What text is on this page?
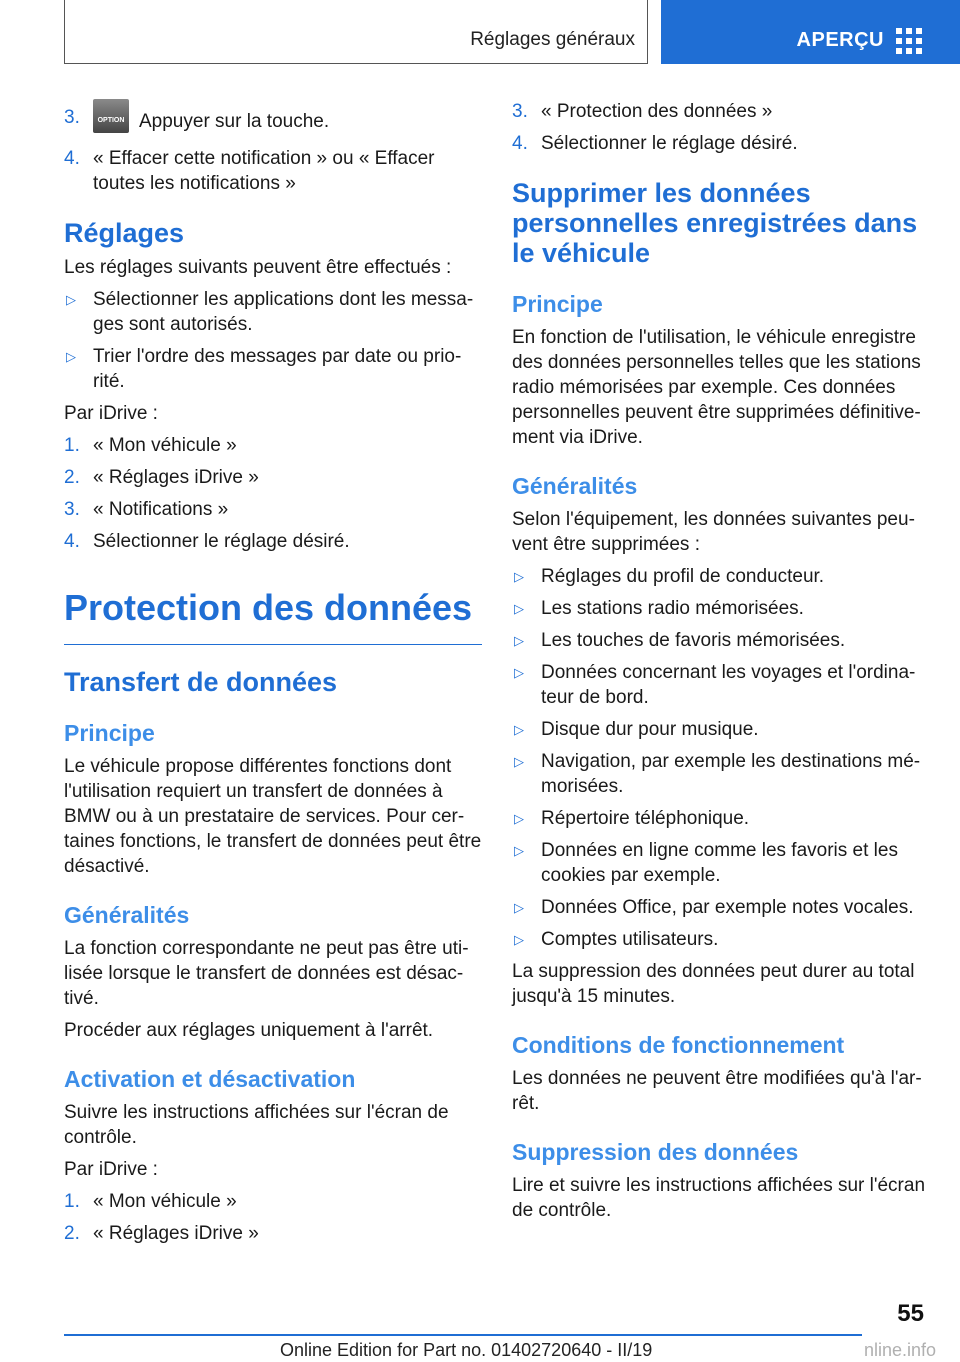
Réglages généraux	APERÇU
3.	OPTION Appuyer sur la touche.
4. « Effacer cette notification » ou « Effacer toutes les notifications »
Réglages

Les réglages suivants peuvent être effectués :

▷ Sélectionner les applications dont les messa‐ges sont autorisés.
▷ Trier l'ordre des messages par date ou prio‐rité.

Par iDrive :

1. « Mon véhicule »
2. « Réglages iDrive »
3. « Notifications »
4. Sélectionner le réglage désiré.
Protection des données
Transfert de données
Principe

Le véhicule propose différentes fonctions dont l'utilisation requiert un transfert de données à BMW ou à un prestataire de services. Pour cer‐taines fonctions, le transfert de données peut être désactivé.

Généralités

La fonction correspondante ne peut pas être uti‐lisée lorsque le transfert de données est désac‐tivé.

Procéder aux réglages uniquement à l'arrêt.

Activation et désactivation

Suivre les instructions affichées sur l'écran de contrôle.

Par iDrive :

1. « Mon véhicule »
2. « Réglages iDrive »
3. « Protection des données »
4. Sélectionner le réglage désiré.
Supprimer les données personnelles enregistrées dans le véhicule
Principe

En fonction de l'utilisation, le véhicule enregistre des données personnelles telles que les stations radio mémorisées par exemple. Ces données personnelles peuvent être supprimées définitive‐ment via iDrive.

Généralités

Selon l'équipement, les données suivantes peu‐vent être supprimées :

▷ Réglages du profil de conducteur.
▷ Les stations radio mémorisées.
▷ Les touches de favoris mémorisées.
▷ Données concernant les voyages et l'ordina‐teur de bord.
▷ Disque dur pour musique.
▷ Navigation, par exemple les destinations mé‐morisées.
▷ Répertoire téléphonique.
▷ Données en ligne comme les favoris et les cookies par exemple.
▷ Données Office, par exemple notes vocales.
▷ Comptes utilisateurs.

La suppression des données peut durer au total jusqu'à 15 minutes.

Conditions de fonctionnement

Les données ne peuvent être modifiées qu'à l'ar‐rêt.

Suppression des données

Lire et suivre les instructions affichées sur l'écran de contrôle.

55
Online Edition for Part no. 01402720640 - II/19	nline.info
